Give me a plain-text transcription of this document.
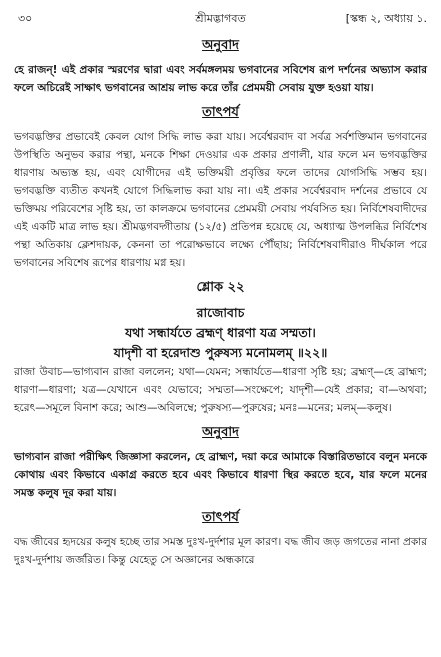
৩০	শ্রীমদ্ভাগবত	[স্কন্ধ ২, অধ্যায় ১.
অনুবাদ

হে রাজন্! এই প্রকার স্মরণের দ্বারা এবং সর্বমঙ্গলময় ভগবানের সবিশেষ রূপ দর্শনের অভ্যাস করার ফলে অচিরেই সাক্ষাৎ ভগবানের আশ্রয় লাভ করে তাঁর প্রেমময়ী সেবায় যুক্ত হওয়া যায়।

তাৎপর্য

ভগবদ্ভক্তির প্রভাবেই কেবল যোগ সিদ্ধি লাভ করা যায়। সর্বেশ্বরবাদ বা সর্বত্র সর্বশক্তিমান ভগবানের উপস্থিতি অনুভব করার পন্থা, মনকে শিক্ষা দেওয়ার এক প্রকার প্রণালী, যার ফলে মন ভগবদ্ভক্তির ধারণায় অভ্যস্ত হয়, এবং যোগীদের এই ভক্তিময়ী প্রবৃত্তির ফলে তাদের যোগসিদ্ধি সম্ভব হয়। ভগবদ্ভক্তি ব্যতীত কখনই যোগে সিদ্ধিলাভ করা যায় না। এই প্রকার সর্বেশ্বরবাদ দর্শনের প্রভাবে যে ভক্তিময় পরিবেশের সৃষ্টি হয়, তা কালক্রমে ভগবানের প্রেমময়ী সেবায় পর্যবসিত হয়। নির্বিশেষবাদীদের এই একটি মাত্র লাভ হয়। শ্রীমদ্ভগবদ্গীতায় (১২/৫) প্রতিপন্ন হয়েছে যে, অধ্যাত্ম উপলব্ধির নির্বিশেষ পন্থা অতিকায় ক্লেশদায়ক, কেননা তা পরোক্ষভাবে লক্ষ্যে পৌঁছায়; নির্বিশেষবাদীরাও দীর্ঘকাল পরে ভগবানের সবিশেষ রূপের ধারণায় মগ্ন হয়।

শ্লোক ২২
রাজোবাচ
যথা সন্ধার্যতে ব্রহ্মণ্ ধারণা যত্র সম্মতা।
যাদৃশী বা হরেদাশু পুরুষস্য মনোমলম্ ॥২২॥

রাজা উবাচ—ভাগ্যবান রাজা বললেন; যথা—যেমন; সন্ধার্যতে—ধারণা সৃষ্টি হয়; ব্রহ্মণ্—হে ব্রাহ্মণ; ধারণা—ধারণা; যত্র—যেখানে এবং যেভাবে; সম্মতা—সংক্ষেপে; যাদৃশী—যেই প্রকার; বা—অথবা; হরেৎ—সমূলে বিনাশ করে; আশু—অবিলম্বে; পুরুষস্য—পুরুষের; মনঃ—মনের; মলম্—কলুষ।

অনুবাদ

ভাগ্যবান রাজা পরীক্ষিৎ জিজ্ঞাসা করলেন, হে ব্রাহ্মণ, দয়া করে আমাকে বিস্তারিতভাবে বলুন মনকে কোথায় এবং কিভাবে একাগ্র করতে হবে এবং কিভাবে ধারণা স্থির করতে হবে, যার ফলে মনের সমস্ত কলুষ দূর করা যায়।

তাৎপর্য

বদ্ধ জীবের হৃদয়ের কলুষ হচ্ছে তার সমস্ত দুঃখ-দুর্দশার মূল কারণ। বদ্ধ জীব জড় জগতের নানা প্রকার দুঃখ-দুর্দশায় জর্জরিত। কিন্তু যেহেতু সে অজ্ঞানের অন্ধকারে
